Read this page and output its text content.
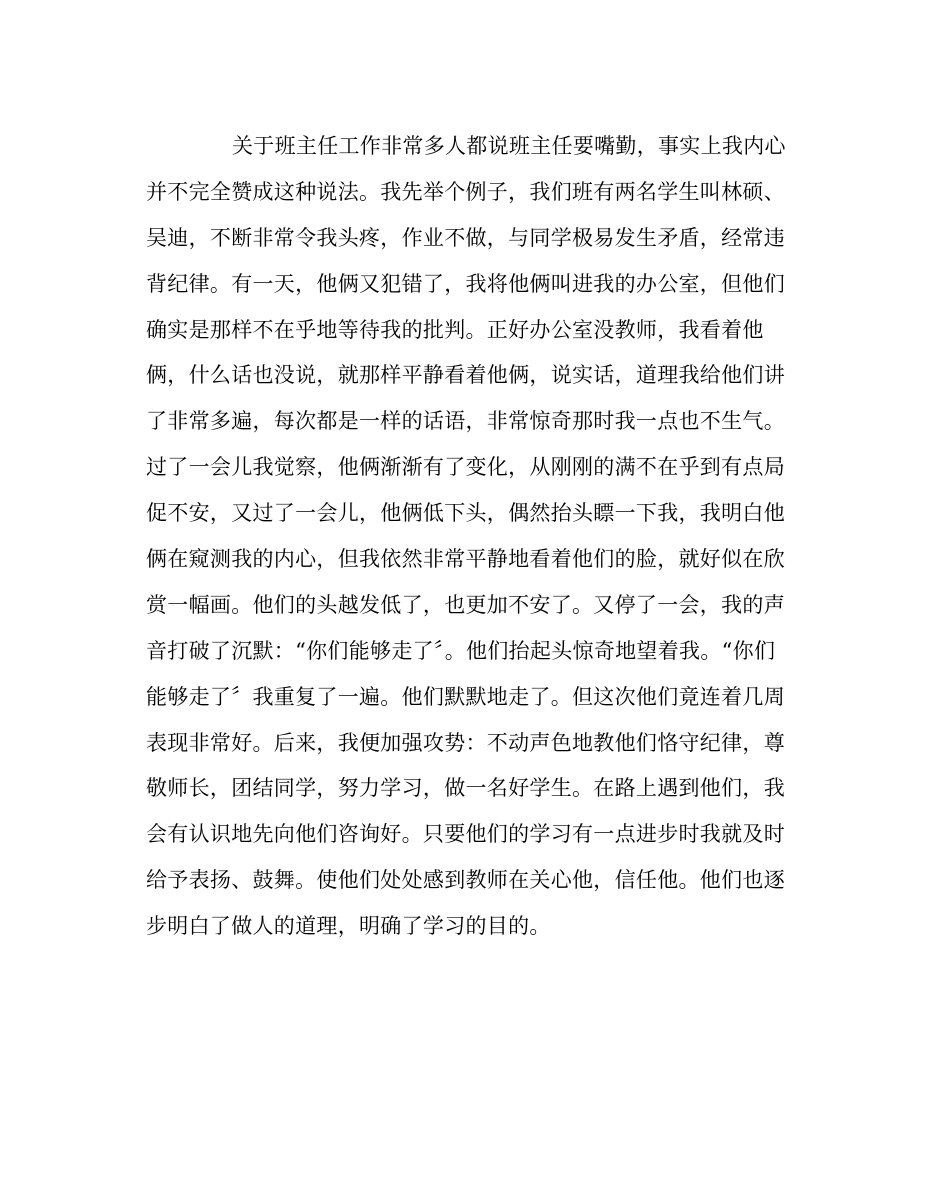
关于班主任工作非常多人都说班主任要嘴勤，事实上我内心
并不完全赞成这种说法。我先举个例子，我们班有两名学生叫林硕、
吴迪，不断非常令我头疼，作业不做，与同学极易发生矛盾，经常违
背纪律。有一天，他俩又犯错了，我将他俩叫进我的办公室，但他们
确实是那样不在乎地等待我的批判。正好办公室没教师，我看着他
俩，什么话也没说，就那样平静看着他俩，说实话，道理我给他们讲
了非常多遍，每次都是一样的话语，非常惊奇那时我一点也不生气。
过了一会儿我觉察，他俩渐渐有了变化，从刚刚的满不在乎到有点局
促不安，又过了一会儿，他俩低下头，偶然抬头瞟一下我，我明白他
俩在窥测我的内心，但我依然非常平静地看着他们的脸，就好似在欣
赏一幅画。他们的头越发低了，也更加不安了。又停了一会，我的声
音打破了沉默：“你们能够走了〞。他们抬起头惊奇地望着我。“你们
能够走了〞我重复了一遍。他们默默地走了。但这次他们竟连着几周
表现非常好。后来，我便加强攻势：不动声色地教他们恪守纪律，尊
敬师长，团结同学，努力学习，做一名好学生。在路上遇到他们，我
会有认识地先向他们咨询好。只要他们的学习有一点进步时我就及时
给予表扬、鼓舞。使他们处处感到教师在关心他，信任他。他们也逐
步明白了做人的道理，明确了学习的目的。
